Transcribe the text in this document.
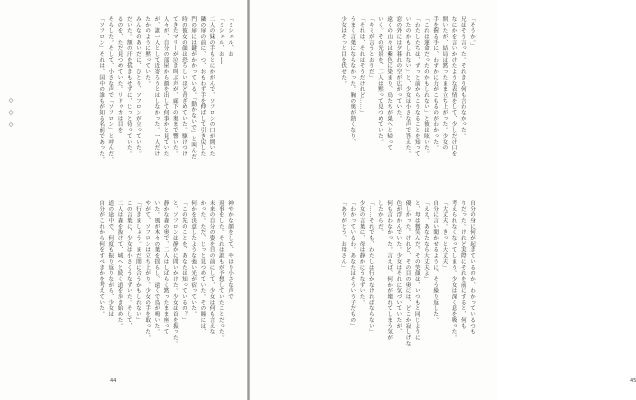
「ミシェル、お
「ミシェル、お──
二人の妹の手もとにかがんで、ソフロンの口が開いた
隣の扉の前に、つ、おもわず手を伸ばして引き戻した
門の扉には鍵がかかっている。「動かないで」と叫んだ
時の彼女の顔は恐ろしいほど青ざめていた。駆けつけ
てきたマリーが泣き叫ぶ声が、廊下の奥まで響いた。
人々が、自分の部屋から顔を出して何事かと見ていた
が、誰一人として近寄ろうとはしなかった。一人だけ
たかのように黙っていた。
みんなのあいだに、ひとり、ソフロンが立っていた。
だいた。額の汗を拭きもせずに、じっと待っていた。
るのを、ただ見つめていた。リドゥカは目を
そらした。そして、小さな声で「ソフロン」と呼んだ。
「ソフロン」それは、国中の誰もが知る名前であった。
神やかな顔をして、やはり小さな声で
返事をした。それは誰もが予想していたことだった。
未来の自分の姿を目の前にして、少女は何も言えな
かった。ただ、じっと見つめていた。その瞳には、
何かを決意したような強い光が宿っていた。
「この先のことを、あなたは知っているの？」
と、ソフロンは静かに問いかけた。少女は首を振った。
静かな森の奥で、二人はしばらく黙ったまま座って
いた。風が木々の葉を揺らし、遠くで鳥が鳴いた。
やがて、ソフロンは立ち上がり、少女の手を取った。
「行きましょう。まだ間に合うかもしれない」
この言葉に、少女は小さくうなずいた。そして、
二人は森を抜けて、城へと続く道を歩き始めた。
道の途中で、何度も振り返りながら、少女は
自分がこれから何をすべきかを考えていた。
◇
◇
◇
44
「そうか。」
兄はそう言った。それきり何も言わなかった。
なにかを言いかけたような表情をして、少しだけ口を
開いたが、結局は黙ったまま立ち上がった。少女の
手を握る手に、わずかに力がこもるのがわかった。
「これは運命だったのかもしれない」と彼は呟いた。
「わたしたちは、ずっと前からこうなることを知って
いたのかもしれない」と、少女は小さな声で答えた。
窓の外には夕暮れの空が広がっていた。
遠くの山々は紫色に染まり、鳥たちが巣へと帰って
いく。その光景を、二人は黙って見つめていた。
「キミが言うとおりだ」
「それは、それはそうだけれど……」
うまく言葉にならなかった。胸の奥が熱くなり、
少女はそっと目を伏せた。
自分の身に何が起きているのか、わかっているつも
りだった。けれど実際にそれを前にすると、何も
考えられなくなってしまう。少女は深く息を吸った。
「大丈夫。きっと大丈夫」
自分に言い聞かせるように、そう繰り返した。
「ええ、あなたなら大丈夫よ」
と、母は微笑んだ。その笑顔は、いつもと同じように
優しかった。けれど、その目の奥には、どこか寂しげな
色が浮かんでいた。少女はそれに気づいていたが、
何も言わなかった。言えば、何かが壊れてしまう気が
したからだ。
「……それでも、わたしは行かなければならない」
少女の言葉に、母は静かにうなずいた。
「わかっているわ。あなたはそういう子だもの」
「ありがとう、お母さん」
45
